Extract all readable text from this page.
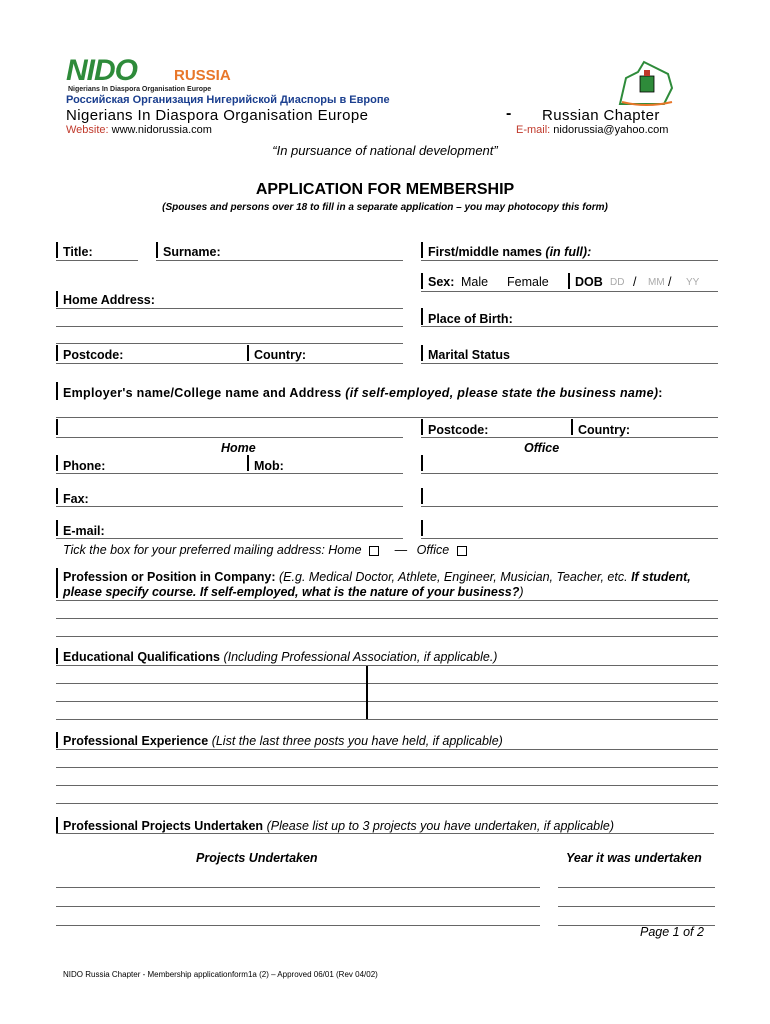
NIDO RUSSIA
Nigerians In Diaspora Organisation Europe
Российская Организация Нигерийской Диаспоры в Европе
Nigerians In Diaspora Organisation Europe	- Russian Chapter
Website: www.nidorussia.com	E-mail: nidorussia@yahoo.com
“In pursuance of national development”
APPLICATION FOR MEMBERSHIP
(Spouses and persons over 18 to fill in a separate application – you may photocopy this form)
Title:	Surname:	First/middle names (in full):
Sex: Male Female DOB DD / MM / YY
Home Address:
Place of Birth:
Postcode:	Country:	Marital Status
Employer's name/College name and Address (if self-employed, please state the business name):
Postcode:	Country:
Home	Office
Phone:	Mob:
Fax:
E-mail:
Tick the box for your preferred mailing address: Home	— Office
Profession or Position in Company: (E.g. Medical Doctor, Athlete, Engineer, Musician, Teacher, etc. If student, please specify course. If self-employed, what is the nature of your business?)
Educational Qualifications (Including Professional Association, if applicable.)
Professional Experience (List the last three posts you have held, if applicable)
Professional Projects Undertaken (Please list up to 3 projects you have undertaken, if applicable)
Projects Undertaken	Year it was undertaken
Page 1 of 2
NIDO Russia Chapter - Membership applicationform1a (2) – Approved 06/01 (Rev 04/02)
